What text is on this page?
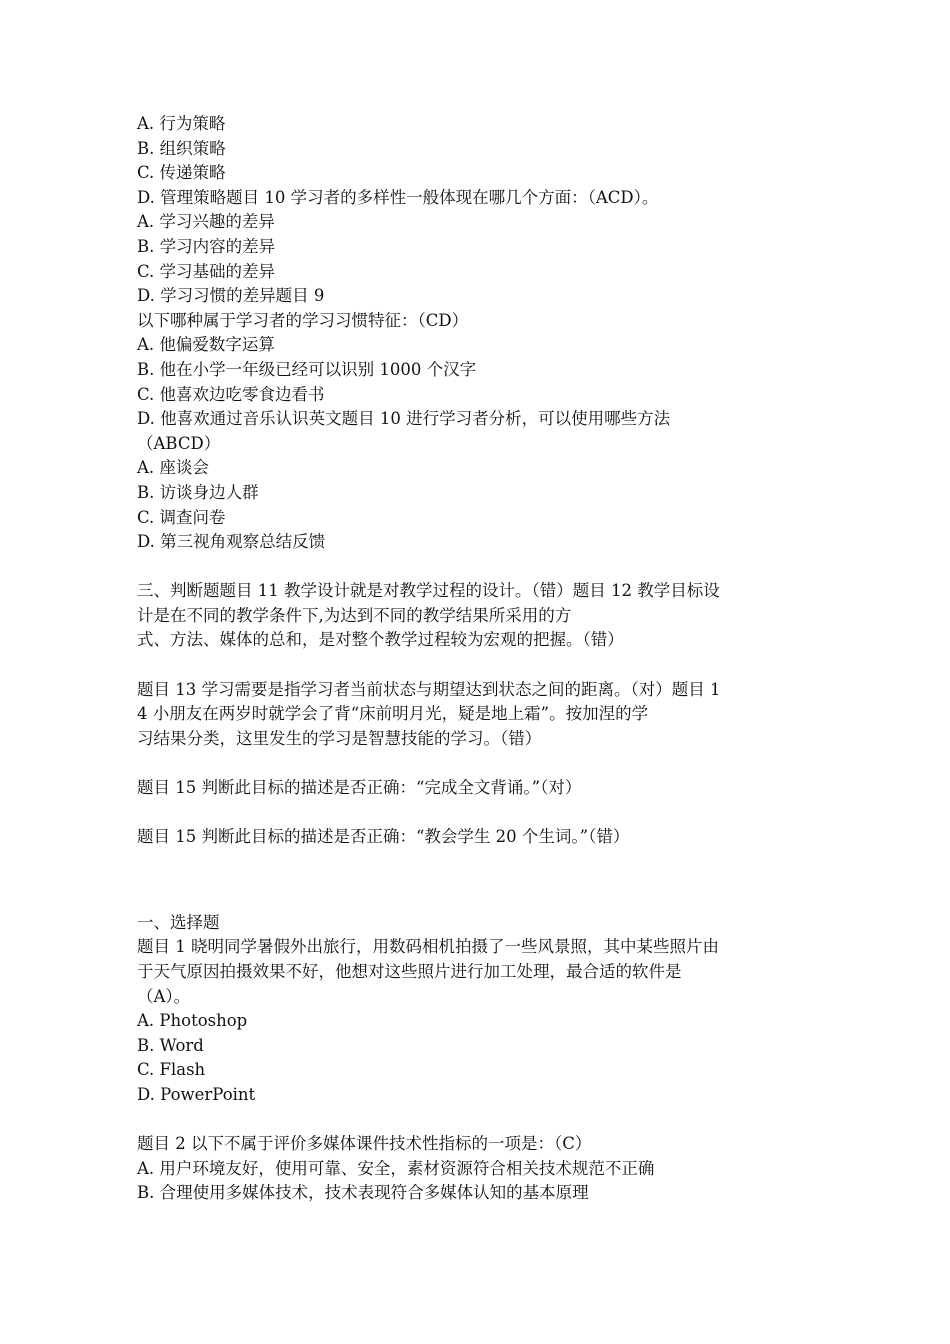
A. 行为策略
B. 组织策略
C. 传递策略
D. 管理策略题目 10 学习者的多样性一般体现在哪几个方面：（ACD）。
A. 学习兴趣的差异
B. 学习内容的差异
C. 学习基础的差异
D. 学习习惯的差异题目 9
以下哪种属于学习者的学习习惯特征：（CD）
A. 他偏爱数字运算
B. 他在小学一年级已经可以识别 1000 个汉字
C. 他喜欢边吃零食边看书
D. 他喜欢通过音乐认识英文题目 10 进行学习者分析，可以使用哪些方法
（ABCD）
A. 座谈会
B. 访谈身边人群
C. 调查问卷
D. 第三视角观察总结反馈
三、判断题题目 11 教学设计就是对教学过程的设计。（错）题目 12 教学目标设
计是在不同的教学条件下,为达到不同的教学结果所采用的方
式、方法、媒体的总和，是对整个教学过程较为宏观的把握。（错）
题目 13 学习需要是指学习者当前状态与期望达到状态之间的距离。（对）题目 1
4 小朋友在两岁时就学会了背“床前明月光，疑是地上霜”。按加涅的学
习结果分类，这里发生的学习是智慧技能的学习。（错）
题目 15 判断此目标的描述是否正确：“完成全文背诵。”（对）
题目 15 判断此目标的描述是否正确：“教会学生 20 个生词。”（错）
一、选择题
题目 1 晓明同学暑假外出旅行，用数码相机拍摄了一些风景照，其中某些照片由
于天气原因拍摄效果不好，他想对这些照片进行加工处理，最合适的软件是
（A）。
A. Photoshop
B. Word
C. Flash
D. PowerPoint
题目 2 以下不属于评价多媒体课件技术性指标的一项是：（C）
A. 用户环境友好，使用可靠、安全，素材资源符合相关技术规范不正确
B. 合理使用多媒体技术，技术表现符合多媒体认知的基本原理
